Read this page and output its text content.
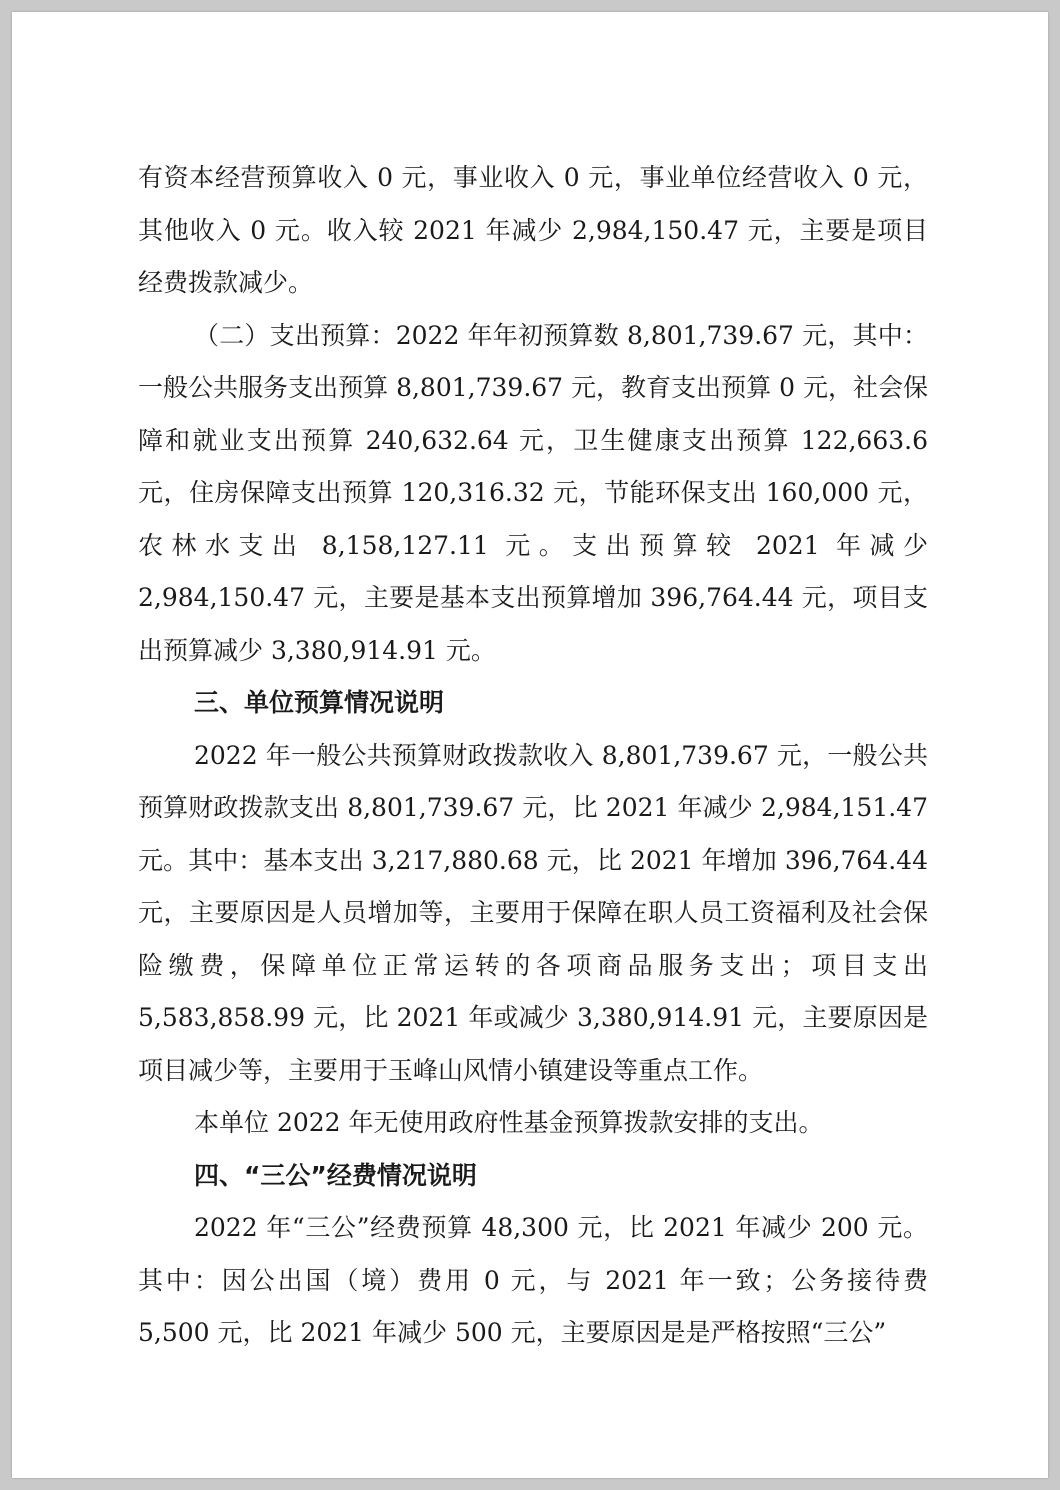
有资本经营预算收入 0 元，事业收入 0 元，事业单位经营收入 0 元，其他收入 0 元。收入较 2021 年减少 2,984,150.47 元，主要是项目经费拨款减少。

（二）支出预算：2022 年年初预算数 8,801,739.67 元，其中：一般公共服务支出预算 8,801,739.67 元，教育支出预算 0 元，社会保障和就业支出预算 240,632.64 元，卫生健康支出预算 122,663.6 元，住房保障支出预算 120,316.32 元，节能环保支出 160,000 元，农林水支出 8,158,127.11 元。支出预算较 2021 年减少 2,984,150.47 元，主要是基本支出预算增加 396,764.44 元，项目支出预算减少 3,380,914.91 元。

三、单位预算情况说明

2022 年一般公共预算财政拨款收入 8,801,739.67 元，一般公共预算财政拨款支出 8,801,739.67 元，比 2021 年减少 2,984,151.47 元。其中：基本支出 3,217,880.68 元，比 2021 年增加 396,764.44 元，主要原因是人员增加等，主要用于保障在职人员工资福利及社会保险缴费，保障单位正常运转的各项商品服务支出；项目支出 5,583,858.99 元，比 2021 年或减少 3,380,914.91 元，主要原因是项目减少等，主要用于玉峰山风情小镇建设等重点工作。

本单位 2022 年无使用政府性基金预算拨款安排的支出。

四、“三公”经费情况说明

2022 年“三公”经费预算 48,300 元，比 2021 年减少 200 元。其中：因公出国（境）费用 0 元，与 2021 年一致；公务接待费 5,500 元，比 2021 年减少 500 元，主要原因是是严格按照“三公”
